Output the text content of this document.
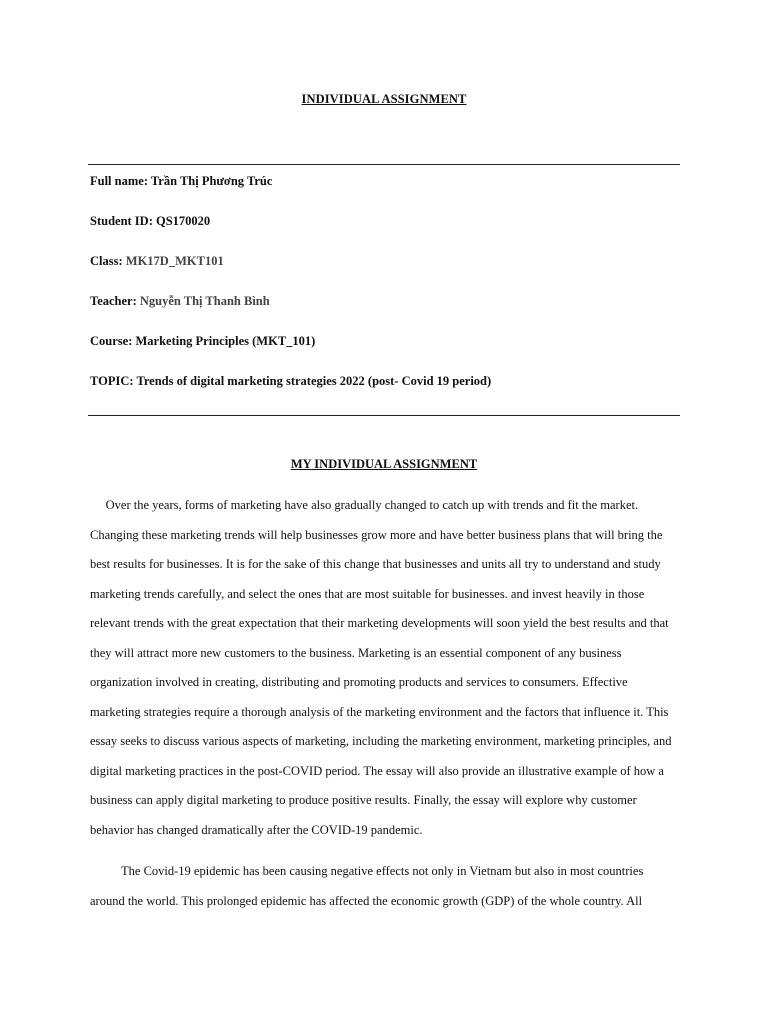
INDIVIDUAL ASSIGNMENT
Full name: Trần Thị Phương Trúc
Student ID: QS170020
Class: MK17D_MKT101
Teacher: Nguyễn Thị Thanh Bình
Course: Marketing Principles (MKT_101)
TOPIC: Trends of digital marketing strategies 2022 (post- Covid 19 period)
MY INDIVIDUAL ASSIGNMENT
Over the years, forms of marketing have also gradually changed to catch up with trends and fit the market.
Changing these marketing trends will help businesses grow more and have better business plans that will bring the
best results for businesses. It is for the sake of this change that businesses and units all try to understand and study
marketing trends carefully, and select the ones that are most suitable for businesses. and invest heavily in those
relevant trends with the great expectation that their marketing developments will soon yield the best results and that
they will attract more new customers to the business. Marketing is an essential component of any business
organization involved in creating, distributing and promoting products and services to consumers. Effective
marketing strategies require a thorough analysis of the marketing environment and the factors that influence it. This
essay seeks to discuss various aspects of marketing, including the marketing environment, marketing principles, and
digital marketing practices in the post-COVID period. The essay will also provide an illustrative example of how a
business can apply digital marketing to produce positive results. Finally, the essay will explore why customer
behavior has changed dramatically after the COVID-19 pandemic.
The Covid-19 epidemic has been causing negative effects not only in Vietnam but also in most countries
around the world. This prolonged epidemic has affected the economic growth (GDP) of the whole country. All
